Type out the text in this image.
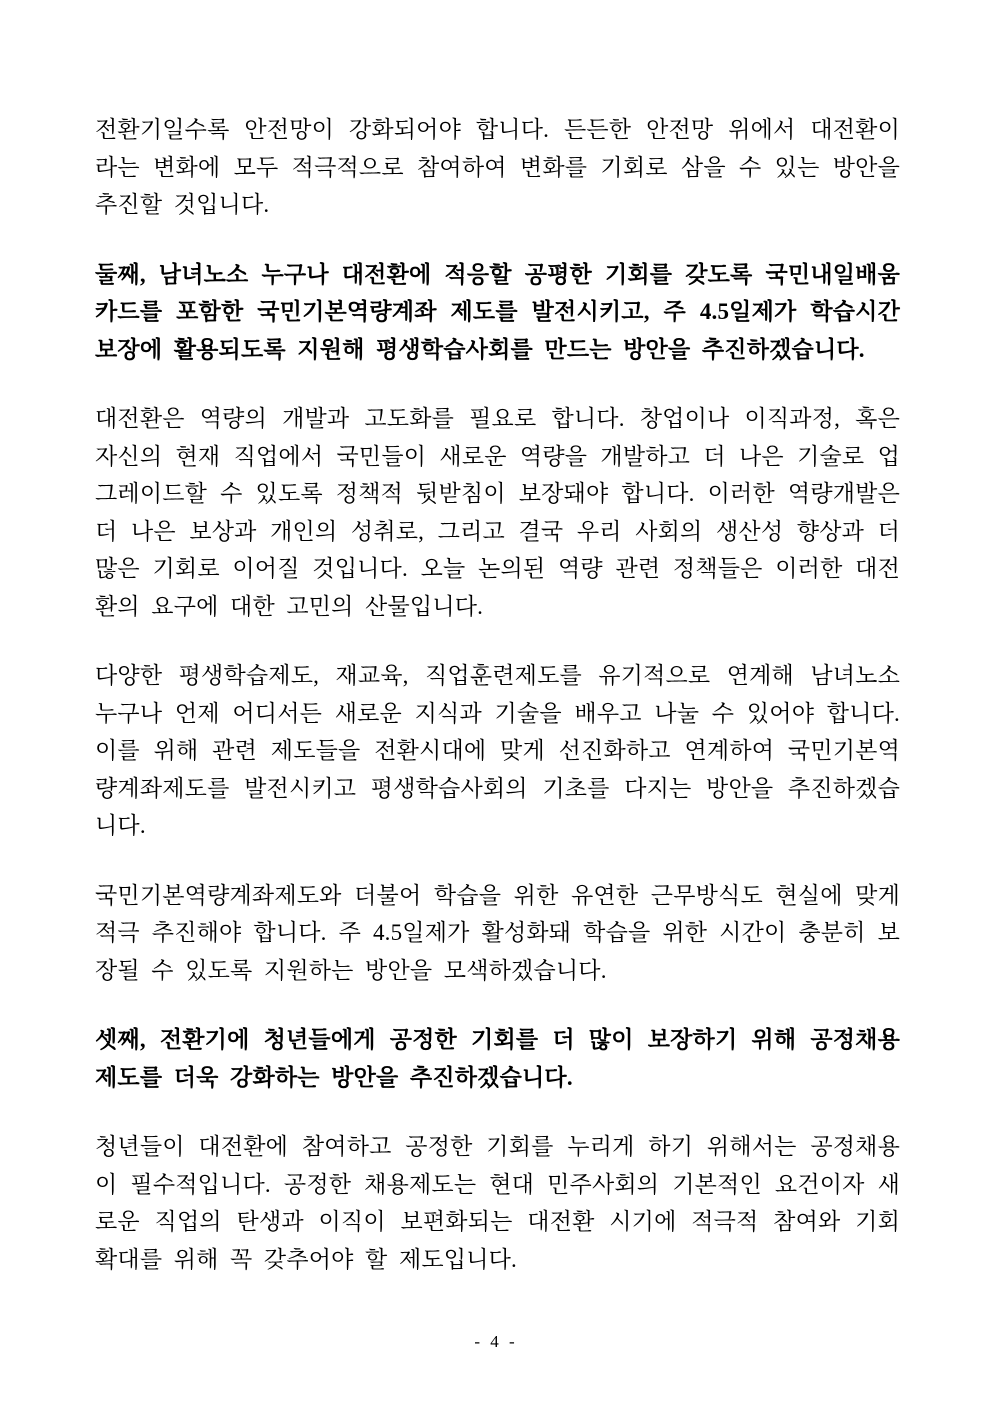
전환기일수록 안전망이 강화되어야 합니다. 든든한 안전망 위에서 대전환이
라는 변화에 모두 적극적으로 참여하여 변화를 기회로 삼을 수 있는 방안을
추진할 것입니다.

둘째, 남녀노소 누구나 대전환에 적응할 공평한 기회를 갖도록 국민내일배움
카드를 포함한 국민기본역량계좌 제도를 발전시키고, 주 4.5일제가 학습시간
보장에 활용되도록 지원해 평생학습사회를 만드는 방안을 추진하겠습니다.

대전환은 역량의 개발과 고도화를 필요로 합니다. 창업이나 이직과정, 혹은
자신의 현재 직업에서 국민들이 새로운 역량을 개발하고 더 나은 기술로 업
그레이드할 수 있도록 정책적 뒷받침이 보장돼야 합니다. 이러한 역량개발은
더 나은 보상과 개인의 성취로, 그리고 결국 우리 사회의 생산성 향상과 더
많은 기회로 이어질 것입니다. 오늘 논의된 역량 관련 정책들은 이러한 대전
환의 요구에 대한 고민의 산물입니다.

다양한 평생학습제도, 재교육, 직업훈련제도를 유기적으로 연계해 남녀노소
누구나 언제 어디서든 새로운 지식과 기술을 배우고 나눌 수 있어야 합니다.
이를 위해 관련 제도들을 전환시대에 맞게 선진화하고 연계하여 국민기본역
량계좌제도를 발전시키고 평생학습사회의 기초를 다지는 방안을 추진하겠습
니다.

국민기본역량계좌제도와 더불어 학습을 위한 유연한 근무방식도 현실에 맞게
적극 추진해야 합니다. 주 4.5일제가 활성화돼 학습을 위한 시간이 충분히 보
장될 수 있도록 지원하는 방안을 모색하겠습니다.

셋째, 전환기에 청년들에게 공정한 기회를 더 많이 보장하기 위해 공정채용
제도를 더욱 강화하는 방안을 추진하겠습니다.

청년들이 대전환에 참여하고 공정한 기회를 누리게 하기 위해서는 공정채용
이 필수적입니다. 공정한 채용제도는 현대 민주사회의 기본적인 요건이자 새
로운 직업의 탄생과 이직이 보편화되는 대전환 시기에 적극적 참여와 기회
확대를 위해 꼭 갖추어야 할 제도입니다.

- 4 -
